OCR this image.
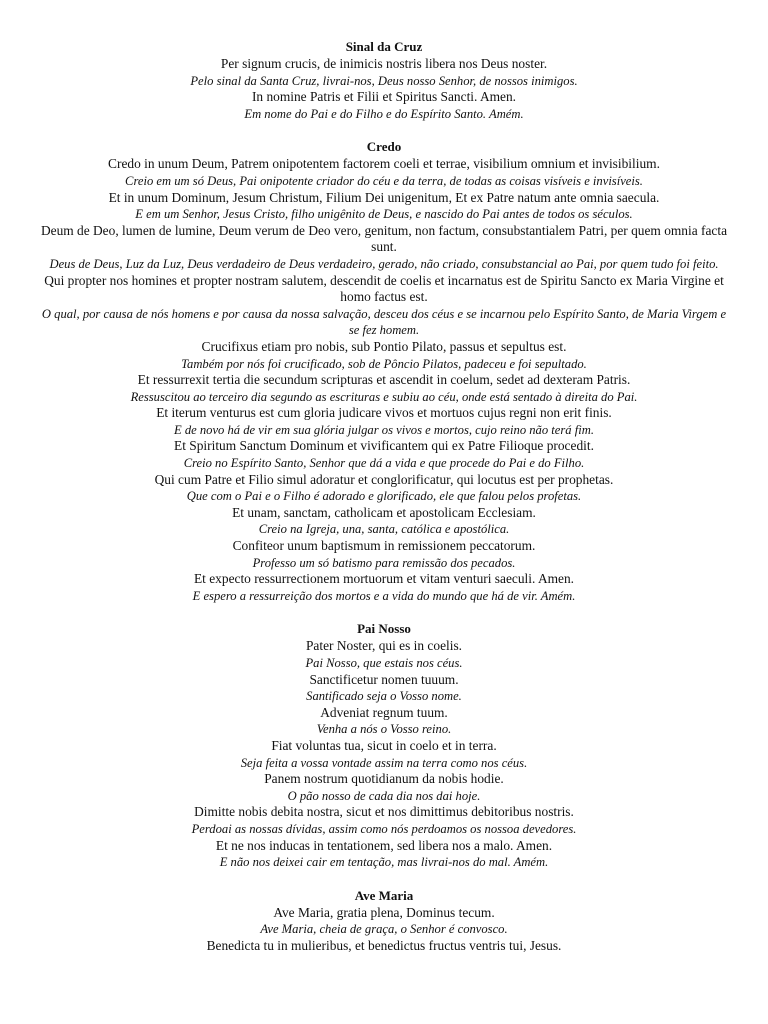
Sinal da Cruz

Per signum crucis, de inimicis nostris libera nos Deus noster.

Pelo sinal da Santa Cruz, livrai-nos, Deus nosso Senhor, de nossos inimigos.

In nomine Patris et Filii et Spiritus Sancti. Amen.

Em nome do Pai e do Filho e do Espírito Santo. Amém.

Credo

Credo in unum Deum, Patrem onipotentem factorem coeli et terrae, visibilium omnium et invisibilium.

Creio em um só Deus, Pai onipotente criador do céu e da terra, de todas as coisas visíveis e invisíveis.

Et in unum Dominum, Jesum Christum, Filium Dei unigenitum, Et ex Patre natum ante omnia saecula.

E em um Senhor, Jesus Cristo, filho unigênito de Deus, e nascido do Pai antes de todos os séculos.

Deum de Deo, lumen de lumine, Deum verum de Deo vero, genitum, non factum, consubstantialem Patri, per quem omnia facta sunt.

Deus de Deus, Luz da Luz, Deus verdadeiro de Deus verdadeiro, gerado, não criado, consubstancial ao Pai, por quem tudo foi feito.

Qui propter nos homines et propter nostram salutem, descendit de coelis et incarnatus est de Spiritu Sancto ex Maria Virgine et homo factus est.

O qual, por causa de nós homens e por causa da nossa salvação, desceu dos céus e se incarnou pelo Espírito Santo, de Maria Virgem e se fez homem.

Crucifixus etiam pro nobis, sub Pontio Pilato, passus et sepultus est.

Também por nós foi crucificado, sob de Pôncio Pilatos, padeceu e foi sepultado.

Et ressurrexit tertia die secundum scripturas et ascendit in coelum, sedet ad dexteram Patris.

Ressuscitou ao terceiro dia segundo as escrituras e subiu ao céu, onde está sentado à direita do Pai.

Et iterum venturus est cum gloria judicare vivos et mortuos cujus regni non erit finis.

E de novo há de vir em sua glória julgar os vivos e mortos, cujo reino não terá fim.

Et Spiritum Sanctum Dominum et vivificantem qui ex Patre Filioque procedit.

Creio no Espírito Santo, Senhor que dá a vida e que procede do Pai e do Filho.

Qui cum Patre et Filio simul adoratur et conglorificatur, qui locutus est per prophetas.

Que com o Pai e o Filho é adorado e glorificado, ele que falou pelos profetas.

Et unam, sanctam, catholicam et apostolicam Ecclesiam.

Creio na Igreja, una, santa, católica e apostólica.

Confiteor unum baptismum in remissionem peccatorum.

Professo um só batismo para remissão dos pecados.

Et expecto ressurrectionem mortuorum et vitam venturi saeculi. Amen.

E espero a ressurreição dos mortos e a vida do mundo que há de vir. Amém.

Pai Nosso

Pater Noster, qui es in coelis.

Pai Nosso, que estais nos céus.

Sanctificetur nomen tuuum.

Santificado seja o Vosso nome.

Adveniat regnum tuum.

Venha a nós o Vosso reino.

Fiat voluntas tua, sicut in coelo et in terra.

Seja feita a vossa vontade assim na terra como nos céus.

Panem nostrum quotidianum da nobis hodie.

O pão nosso de cada dia nos dai hoje.

Dimitte nobis debita nostra, sicut et nos dimittimus debitoribus nostris.

Perdoai as nossas dívidas, assim como nós perdoamos os nossoa devedores.

Et ne nos inducas in tentationem, sed libera nos a malo. Amen.

E não nos deixei cair em tentação, mas livrai-nos do mal. Amém.

Ave Maria

Ave Maria, gratia plena, Dominus tecum.

Ave Maria, cheia de graça, o Senhor é convosco.

Benedicta tu in mulieribus, et benedictus fructus ventris tui, Jesus.
